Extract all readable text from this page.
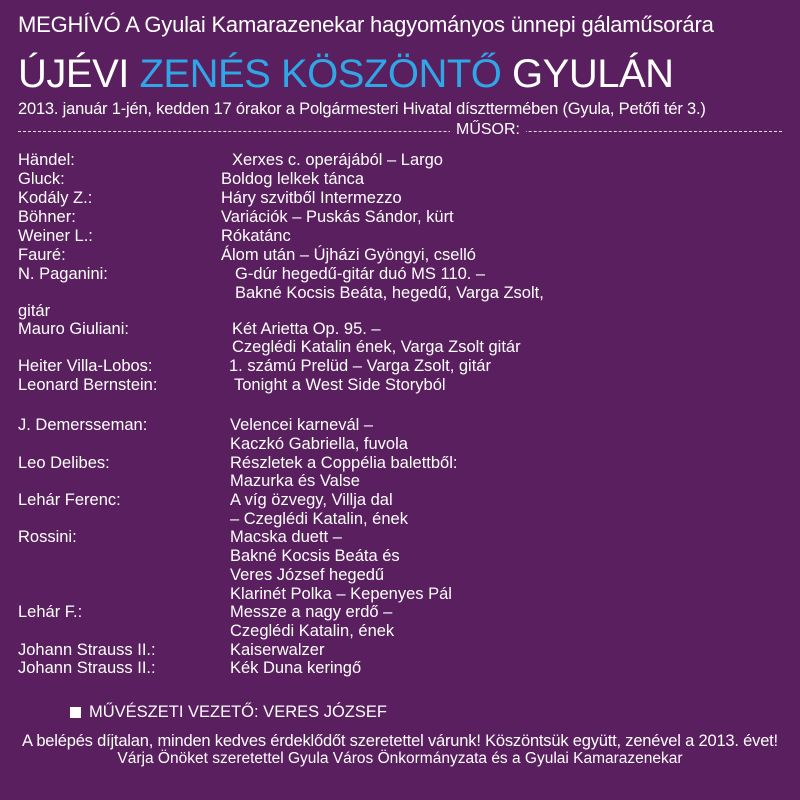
MEGHÍVÓ A Gyulai Kamarazenekar hagyományos ünnepi gálaműsorára
ÚJÉVI ZENÉS KÖSZÖNTŐ GYULÁN
2013. január 1-jén, kedden 17 órakor a Polgármesteri Hivatal díszttermében (Gyula, Petőfi tér 3.)
MŰSOR:
Händel:	Xerxes c. operájából – Largo
Gluck:	Boldog lelkek tánca
Kodály Z.:	Háry szvitből Intermezzo
Böhner:	Variációk – Puskás Sándor, kürt
Weiner L.:	Rókatánc
Fauré:	Álom után – Újházi Gyöngyi, cselló
N. Paganini:	G-dúr hegedű-gitár duó MS 110. –
Bakné Kocsis Beáta, hegedű, Varga Zsolt,
gitár
Mauro Giuliani:	Két Arietta Op. 95. –
Czeglédi Katalin ének, Varga Zsolt gitár
Heiter Villa-Lobos:	1. számú Prelüd – Varga Zsolt, gitár
Leonard Bernstein:	Tonight a West Side Storyból
J. Demersseman:	Velencei karnevál –
Kaczkó Gabriella, fuvola
Leo Delibes:	Részletek a Coppélia balettből:
Mazurka és Valse
Lehár Ferenc:	A víg özvegy, Villja dal
– Czeglédi Katalin, ének
Rossini:	Macska duett –
Bakné Kocsis Beáta és
Veres József hegedű
Klarinét Polka – Kepenyes Pál
Lehár F.:	Messze a nagy erdő –
Czeglédi Katalin, ének
Johann Strauss II.:	Kaiserwalzer
Johann Strauss II.:	Kék Duna keringő
MŰVÉSZETI VEZETŐ: VERES JÓZSEF
A belépés díjtalan, minden kedves érdeklődőt szeretettel várunk! Köszöntsük együtt, zenével a 2013. évet!
Várja Önöket szeretettel Gyula Város Önkormányzata és a Gyulai Kamarazenekar
